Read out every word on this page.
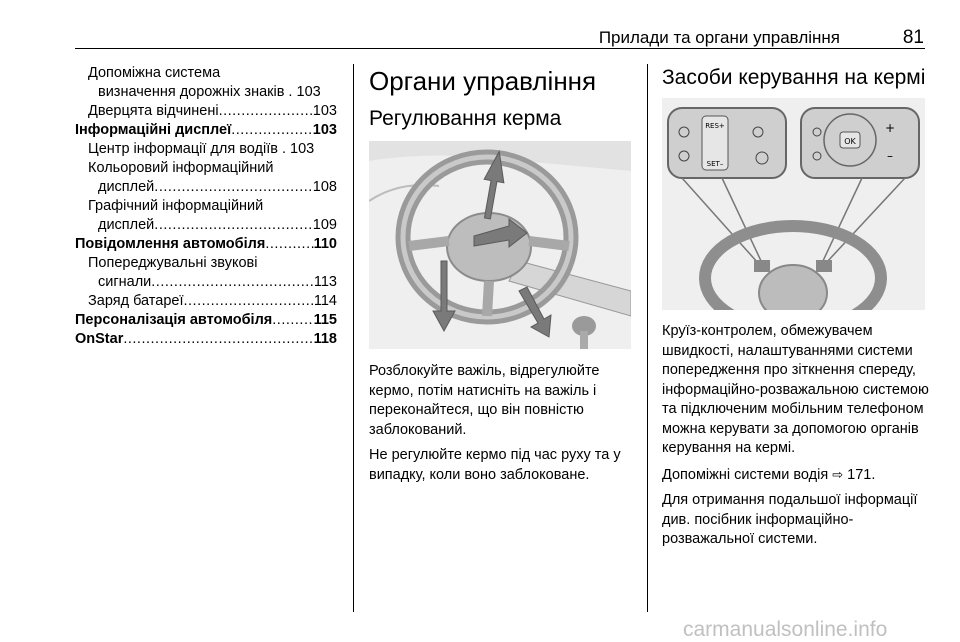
Прилади та органи управління	81
Допоміжна система
визначення дорожніх знаків . 103
Дверцята відчинені .....	103
Інформаційні дисплеї .....	103
Центр інформації для водіїв . 103
Кольоровий інформаційний
дисплей .....	108
Графічний інформаційний
дисплей .....	109
Повідомлення автомобіля .....	110
Попереджувальні звукові
сигнали .....	113
Заряд батареї .....	114
Персоналізація автомобіля .....	115
OnStar .....	118
Органи управління
Регулювання керма

Розблокуйте важіль, відрегулюйте кермо, потім натисніть на важіль і переконайтеся, що він повністю заблокований.

Не регулюйте кермо під час руху та у випадку, коли воно заблоковане.

Засоби керування на кермі
RES+
SET–
OK
+
–

Круїз-контролем, обмежувачем швидкості, налаштуваннями системи попередження про зіткнення спереду, інформаційно-розважальною системою та підключеним мобільним телефоном можна керувати за допомогою органів керування на кермі.

Допоміжні системи водія ⇨ 171.

Для отримання подальшої інформації див. посібник інформаційно-розважальної системи.

carmanualsonline.info
